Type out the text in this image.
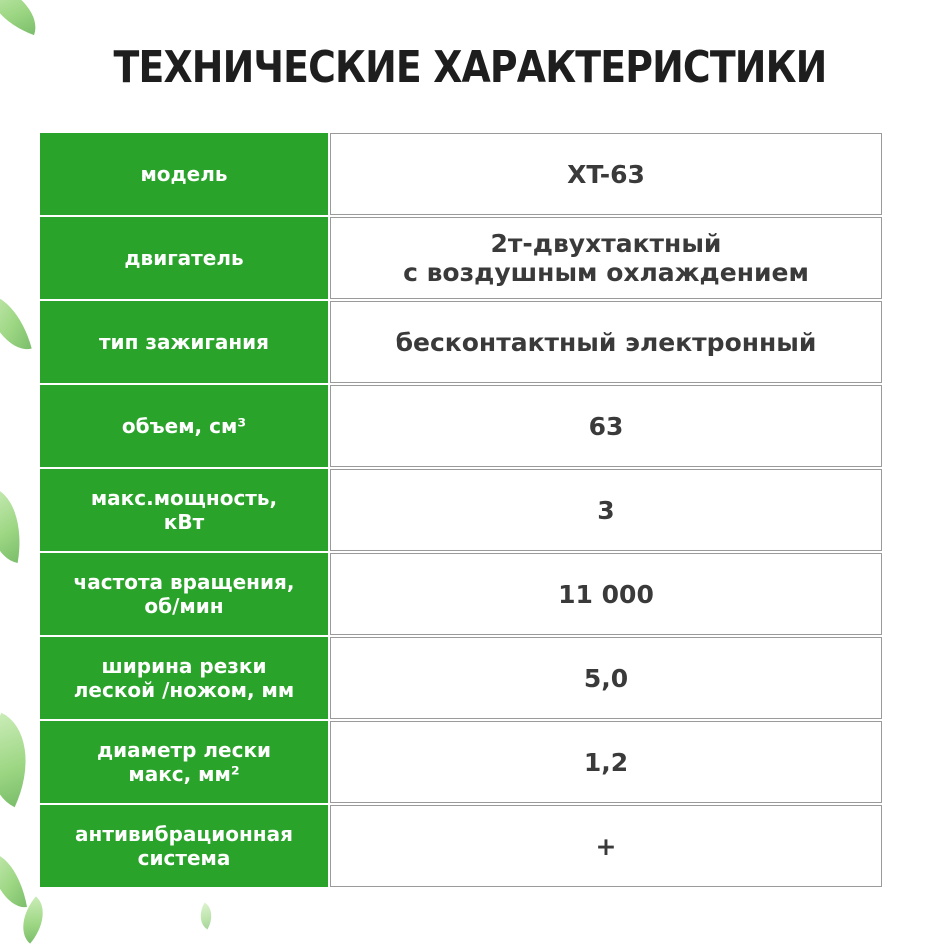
ТЕХНИЧЕСКИЕ ХАРАКТЕРИСТИКИ
модель	XT-63
двигатель	2т-двухтактный
с воздушным охлаждением
тип зажигания	бесконтактный электронный
объем, см³	63
макс.мощность,
кВт	3
частота вращения,
об/мин	11 000
ширина резки
леской /ножом, мм	5,0
диаметр лески
макс, мм²	1,2
антивибрационная
система	+
